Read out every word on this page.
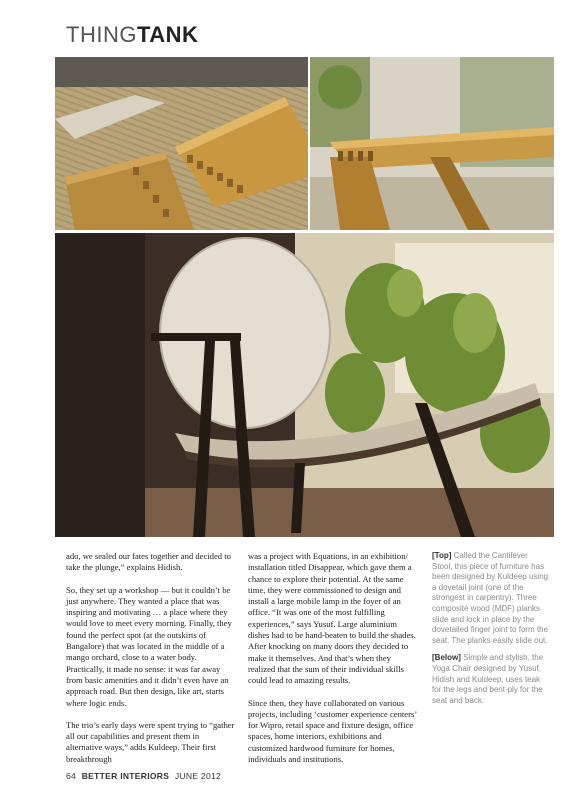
THINGTANK

ado, we sealed our fates together and decided to take the plunge,” explains Hidish.

So, they set up a workshop — but it couldn’t be just anywhere. They wanted a place that was inspiring and motivating … a place where they would love to meet every morning. Finally, they found the perfect spot (at the outskirts of Bangalore) that was located in the middle of a mango orchard, close to a water body. Practically, it made no sense: it was far away from basic amenities and it didn’t even have an approach road. But then design, like art, starts where logic ends.

The trio’s early days were spent trying to “gather all our capabilities and present them in alternative ways,” adds Kuldeep. Their first breakthrough

was a project with Equations, in an exhibition/ installation titled Disappear, which gave them a chance to explore their potential. At the same time, they were commissioned to design and install a large mobile lamp in the foyer of an office. “It was one of the most fulfilling experiences,” says Yusuf. Large aluminium dishes had to be hand-beaten to build the shades. After knocking on many doors they decided to make it themselves. And that’s when they realized that the sum of their individual skills could lead to amazing results.

Since then, they have collaborated on various projects, including ‘customer experience centers’ for Wipro, retail space and fixture design, office spaces, home interiors, exhibitions and customized hardwood furniture for homes, individuals and institutions.

[Top] Called the Cantilever Stool, this piece of furniture has been designed by Kuldeep using a dovetail joint (one of the strongest in carpentry). Three composite wood (MDF) planks slide and lock in place by the dovetailed finger joint to form the seat. The planks easily slide out.

[Below] Simple and stylish, the Yoga Chair designed by Yusuf, Hidish and Kuldeep, uses teak for the legs and bent-ply for the seat and back.

64 BETTER INTERIORS JUNE 2012
